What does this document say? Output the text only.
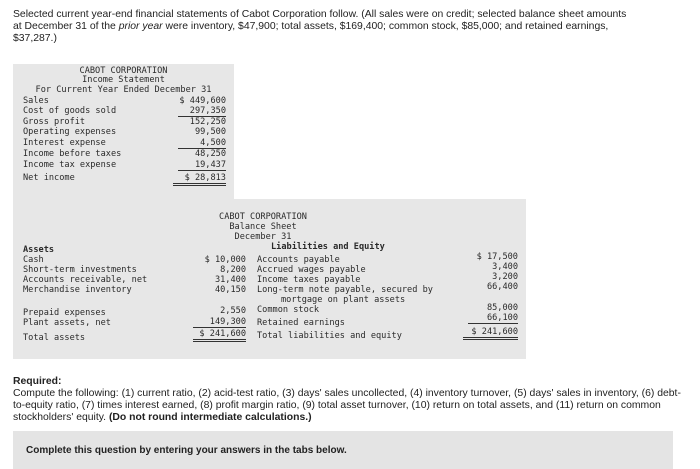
Selected current year-end financial statements of Cabot Corporation follow. (All sales were on credit; selected balance sheet amounts
at December 31 of the prior year were inventory, $47,900; total assets, $169,400; common stock, $85,000; and retained earnings,
$37,287.)
CABOT CORPORATION
Income Statement
For Current Year Ended December 31
Sales	$ 449,600
Cost of goods sold	297,350
Gross profit	152,250
Operating expenses	99,500
Interest expense	4,500
Income before taxes	48,250
Income tax expense	19,437
Net income	$ 28,813
CABOT CORPORATION
Balance Sheet
December 31
Assets	Liabilities and Equity
Cash	$ 10,000
Short-term investments	8,200
Accounts receivable, net	31,400
Merchandise inventory	40,150
Prepaid expenses	2,550
Plant assets, net	149,300
Total assets	$ 241,600
Accounts payable	$ 17,500
Accrued wages payable	3,400
Income taxes payable	3,200
Long-term note payable, secured by	66,400
mortgage on plant assets
Common stock	85,000
Retained earnings	66,100
Total liabilities and equity	$ 241,600
Required:
Compute the following: (1) current ratio, (2) acid-test ratio, (3) days' sales uncollected, (4) inventory turnover, (5) days' sales in inventory, (6) debt-to-equity ratio, (7) times interest earned, (8) profit margin ratio, (9) total asset turnover, (10) return on total assets, and (11) return on common stockholders' equity. (Do not round intermediate calculations.)
Complete this question by entering your answers in the tabs below.
